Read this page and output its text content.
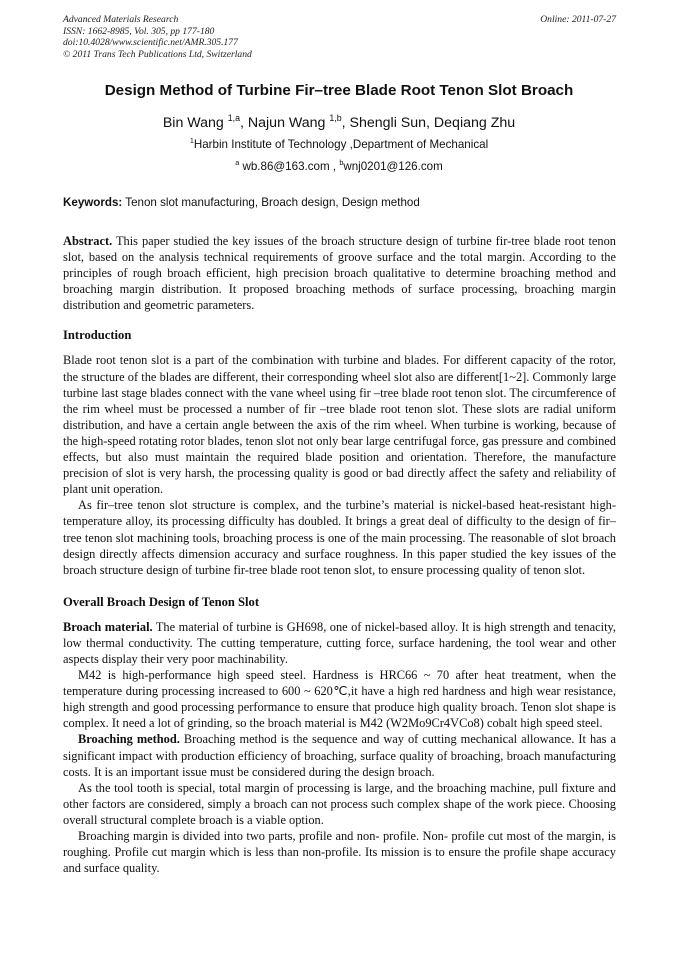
Advanced Materials Research
ISSN: 1662-8985, Vol. 305, pp 177-180
doi:10.4028/www.scientific.net/AMR.305.177
© 2011 Trans Tech Publications Ltd, Switzerland
Online: 2011-07-27
Design Method of Turbine Fir–tree Blade Root Tenon Slot Broach
Bin Wang $^{1,a}$, Najun Wang $^{1,b}$, Shengli Sun, Deqiang Zhu
$^1$Harbin Institute of Technology ,Department of Mechanical
$^a$ wb.86@163.com , $^b$wnj0201@126.com
Keywords: Tenon slot manufacturing, Broach design, Design method

Abstract. This paper studied the key issues of the broach structure design of turbine fir-tree blade root tenon slot, based on the analysis technical requirements of groove surface and the total margin. According to the principles of rough broach efficient, high precision broach qualitative to determine broaching method and broaching margin distribution. It proposed broaching methods of surface processing, broaching margin distribution and geometric parameters.

Introduction

Blade root tenon slot is a part of the combination with turbine and blades. For different capacity of the rotor, the structure of the blades are different, their corresponding wheel slot also are different[1~2]. Commonly large turbine last stage blades connect with the vane wheel using fir –tree blade root tenon slot. The circumference of the rim wheel must be processed a number of fir –tree blade root tenon slot. These slots are radial uniform distribution, and have a certain angle between the axis of the rim wheel. When turbine is working, because of the high-speed rotating rotor blades, tenon slot not only bear large centrifugal force, gas pressure and combined effects, but also must maintain the required blade position and orientation. Therefore, the manufacture precision of slot is very harsh, the processing quality is good or bad directly affect the safety and reliability of plant unit operation.

As fir–tree tenon slot structure is complex, and the turbine’s material is nickel-based heat-resistant high-temperature alloy, its processing difficulty has doubled. It brings a great deal of difficulty to the design of fir–tree tenon slot machining tools, broaching process is one of the main processing. The reasonable of slot broach design directly affects dimension accuracy and surface roughness. In this paper studied the key issues of the broach structure design of turbine fir-tree blade root tenon slot, to ensure processing quality of tenon slot.

Overall Broach Design of Tenon Slot

Broach material. The material of turbine is GH698, one of nickel-based alloy. It is high strength and tenacity, low thermal conductivity. The cutting temperature, cutting force, surface hardening, the tool wear and other aspects display their very poor machinability.

M42 is high-performance high speed steel. Hardness is HRC66 ~ 70 after heat treatment, when the temperature during processing increased to 600 ~ 620℃,it have a high red hardness and high wear resistance, high strength and good processing performance to ensure that produce high quality broach. Tenon slot shape is complex. It need a lot of grinding, so the broach material is M42 (W2Mo9Cr4VCo8) cobalt high speed steel.

Broaching method. Broaching method is the sequence and way of cutting mechanical allowance. It has a significant impact with production efficiency of broaching, surface quality of broaching, broach manufacturing costs. It is an important issue must be considered during the design broach.

As the tool tooth is special, total margin of processing is large, and the broaching machine, pull fixture and other factors are considered, simply a broach can not process such complex shape of the work piece. Choosing overall structural complete broach is a viable option.

Broaching margin is divided into two parts, profile and non- profile. Non- profile cut most of the margin, is roughing. Profile cut margin which is less than non-profile. Its mission is to ensure the profile shape accuracy and surface quality.
